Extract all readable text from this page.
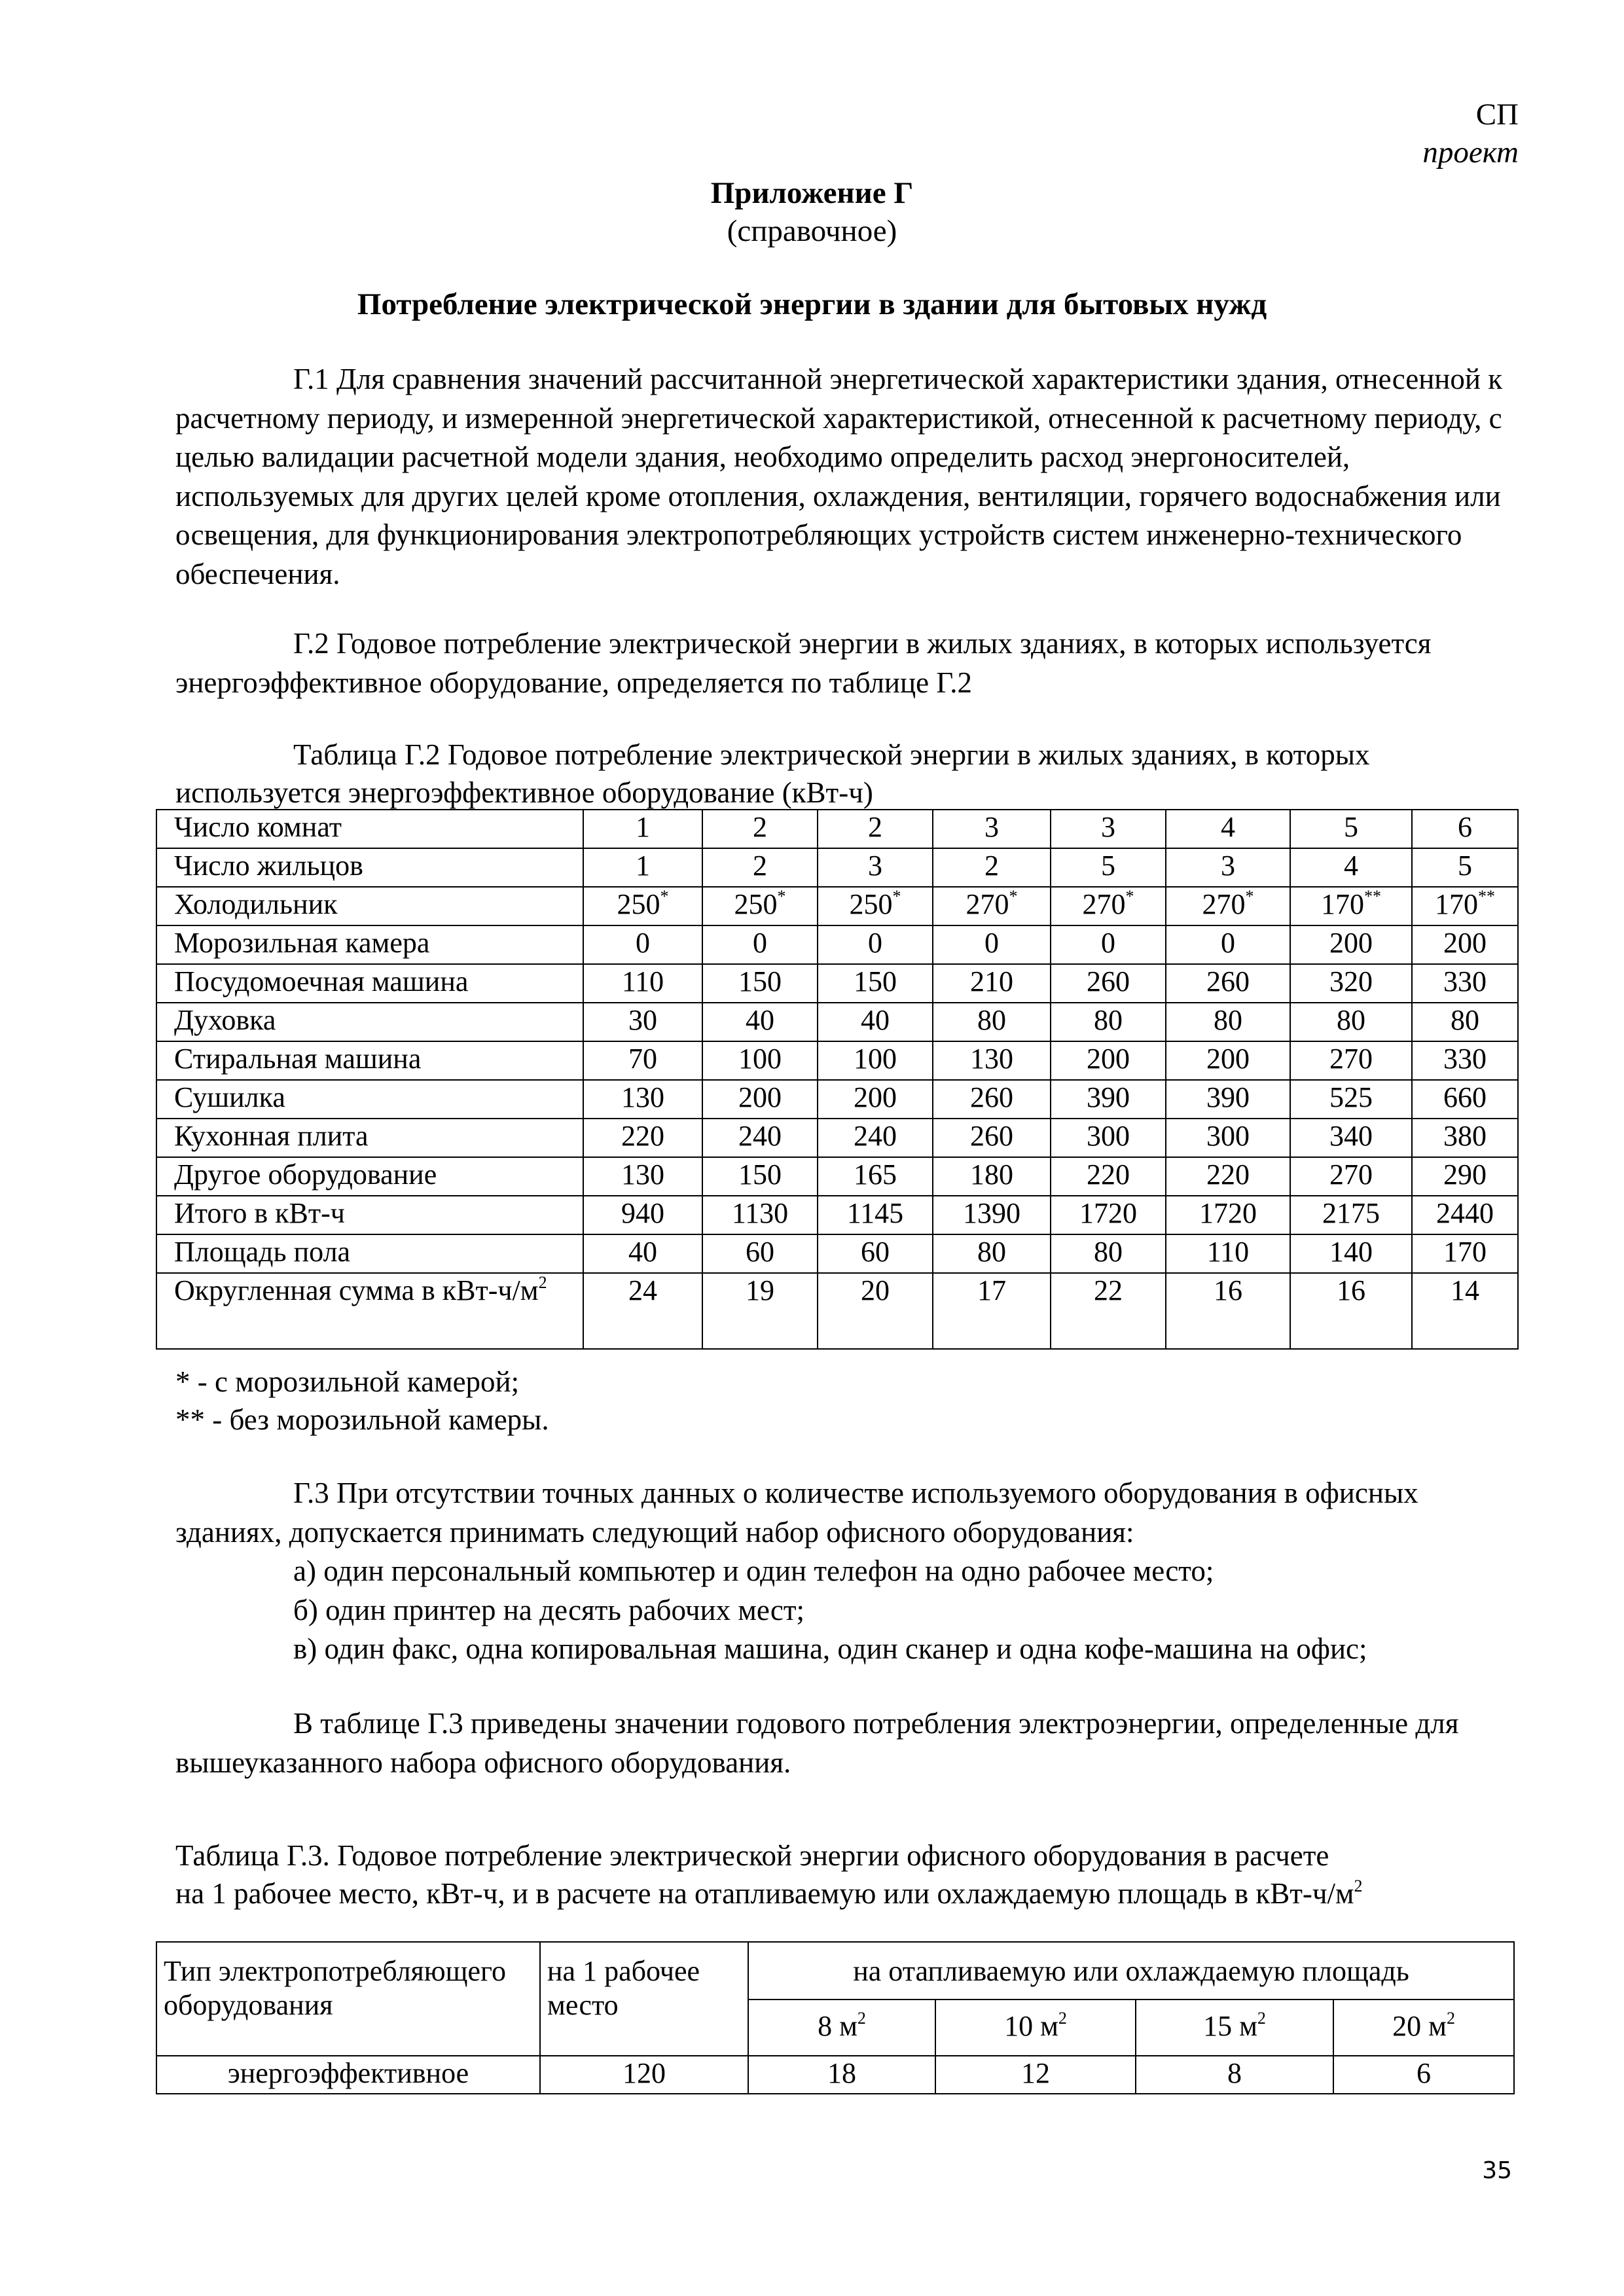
СП
проект
Приложение Г
(справочное)
Потребление электрической энергии в здании для бытовых нужд

Г.1 Для сравнения значений рассчитанной энергетической характеристики здания, отнесенной к расчетному периоду, и измеренной энергетической характеристикой, отнесенной к расчетному периоду, с целью валидации расчетной модели здания, необходимо определить расход энергоносителей, используемых для других целей кроме отопления, охлаждения, вентиляции, горячего водоснабжения или освещения, для функционирования электропотребляющих устройств систем инженерно-технического обеспечения.

Г.2 Годовое потребление электрической энергии в жилых зданиях, в которых используется энергоэффективное оборудование, определяется по таблице Г.2

Таблица Г.2 Годовое потребление электрической энергии в жилых зданиях, в которых
используется энергоэффективное оборудование (кВт-ч)
Число комнат	1	2	2	3	3	4	5	6
Число жильцов	1	2	3	2	5	3	4	5
Холодильник	250*	250*	250*	270*	270*	270*	170**	170**
Морозильная камера	0	0	0	0	0	0	200	200
Посудомоечная машина	110	150	150	210	260	260	320	330
Духовка	30	40	40	80	80	80	80	80
Стиральная машина	70	100	100	130	200	200	270	330
Сушилка	130	200	200	260	390	390	525	660
Кухонная плита	220	240	240	260	300	300	340	380
Другое оборудование	130	150	165	180	220	220	270	290
Итого в кВт-ч	940	1130	1145	1390	1720	1720	2175	2440
Площадь пола	40	60	60	80	80	110	140	170
Округленная сумма в кВт-$ч/м^2$	24	19	20	17	22	16	16	14
* - с морозильной камерой;
** - без морозильной камеры.

Г.3 При отсутствии точных данных о количестве используемого оборудования в офисных зданиях, допускается принимать следующий набор офисного оборудования:

а) один персональный компьютер и один телефон на одно рабочее место;
б) один принтер на десять рабочих мест;
в) один факс, одна копировальная машина, один сканер и одна кофе-машина на офис;

В таблице Г.3 приведены значении годового потребления электроэнергии, определенные для вышеуказанного набора офисного оборудования.

Таблица Г.3. Годовое потребление электрической энергии офисного оборудования в расчете
на 1 рабочее место, кВт-ч, и в расчете на отапливаемую или охлаждаемую площадь в кВт-$ч/м^2$
Тип электропотребляющего оборудования	на 1 рабочее место	на отапливаемую или охлаждаемую площадь			
		8 $м^2$	10 $м^2$	15 $м^2$	20 $м^2$
энергоэффективное	120	18	12	8	6
35
